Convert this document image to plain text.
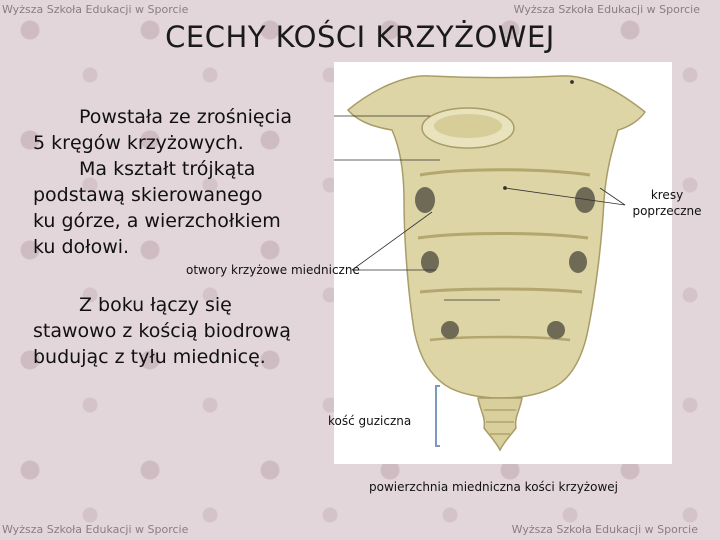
Wyższa Szkoła Edukacji w Sporcie	Wyższa Szkoła Edukacji w Sporcie
Wyższa Szkoła Edukacji w Sporcie	Wyższa Szkoła Edukacji w Sporcie
CECHY KOŚCI KRZYŻOWEJ
Powstała ze zrośnięcia
5 kręgów krzyżowych.
Ma kształt trójkąta
podstawą skierowanego
ku górze, a wierzchołkiem
ku dołowi.
Z boku łączy się
stawowo z kością biodrową
budując z tyłu miednicę.
kresy
poprzeczne
otwory krzyżowe miedniczne
kość guziczna
powierzchnia miedniczna kości krzyżowej
